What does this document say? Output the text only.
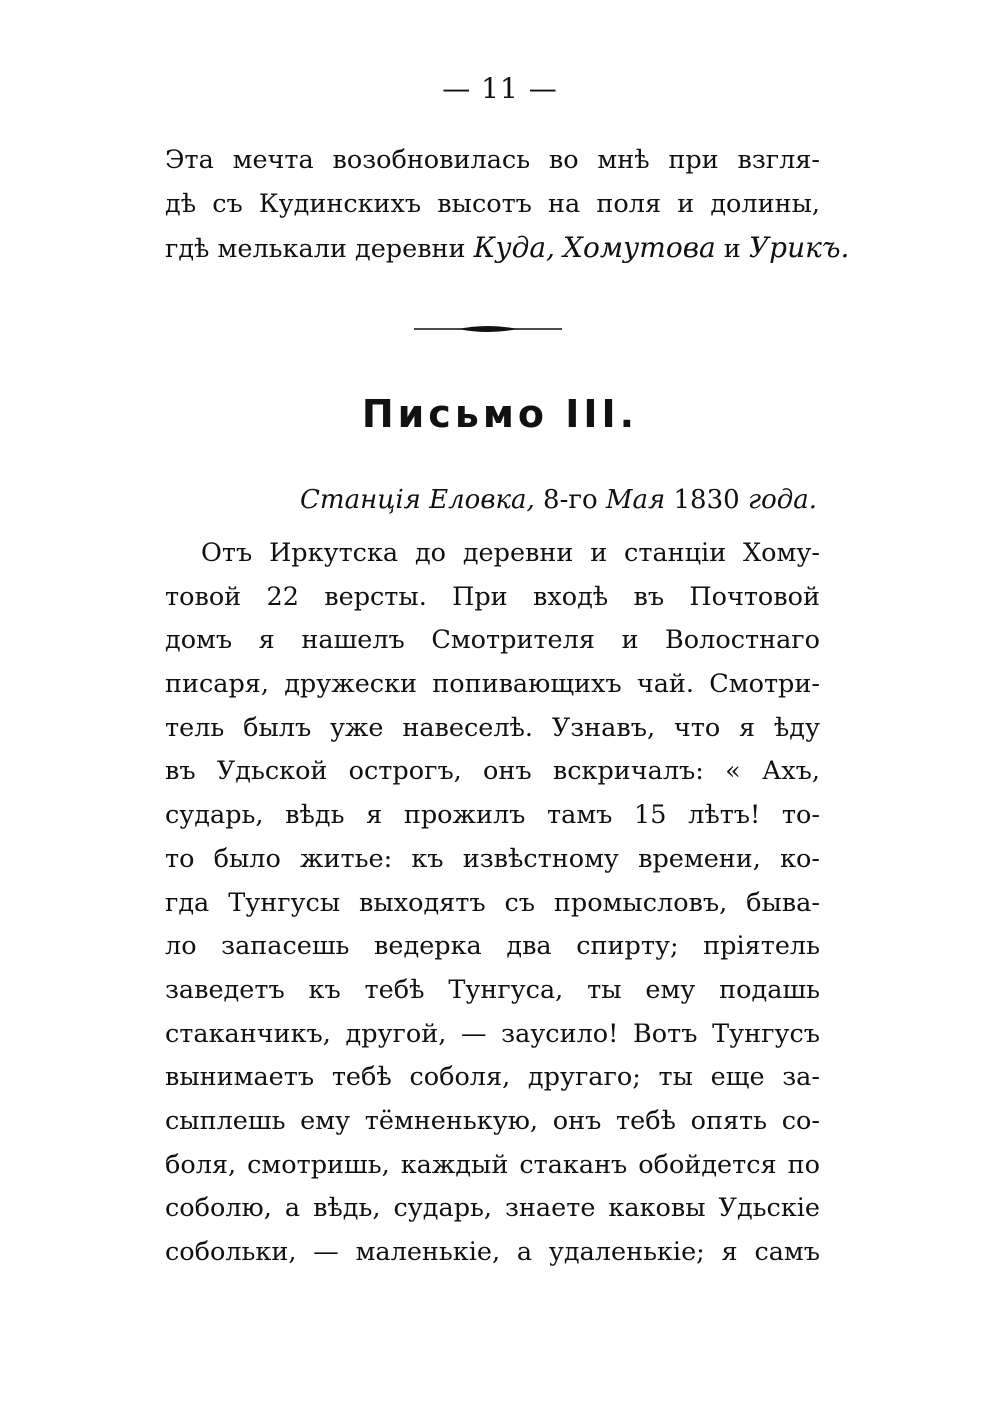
— 11 —
Эта мечта возобновилась во мнѣ при взгля-
дѣ съ Кудинскихъ высотъ на поля и долины,
гдѣ мелькали деревни Куда, Хомутова и Урикъ.
Письмо III.
Станція Еловка, 8-го Мая 1830 года.
Отъ Иркутска до деревни и станціи Хому-
товой 22 версты. При входѣ въ Почтовой
домъ я нашелъ Смотрителя и Волостнаго
писаря, дружески попивающихъ чай. Смотри-
тель былъ уже навеселѣ. Узнавъ, что я ѣду
въ Удьской острогъ, онъ вскричалъ: « Ахъ,
сударь, вѣдь я прожилъ тамъ 15 лѣтъ! то-
то было житье: къ извѣстному времени, ко-
гда Тунгусы выходятъ съ промысловъ, быва-
ло запасешь ведерка два спирту; пріятель
заведетъ къ тебѣ Тунгуса, ты ему подашь
стаканчикъ, другой, — заусило! Вотъ Тунгусъ
вынимаетъ тебѣ соболя, другаго; ты еще за-
сыплешь ему тёмненькую, онъ тебѣ опять со-
боля, смотришь, каждый стаканъ обойдется по
соболю, а вѣдь, сударь, знаете каковы Удьскіе
собольки, — маленькіе, а удаленькіе; я самъ
